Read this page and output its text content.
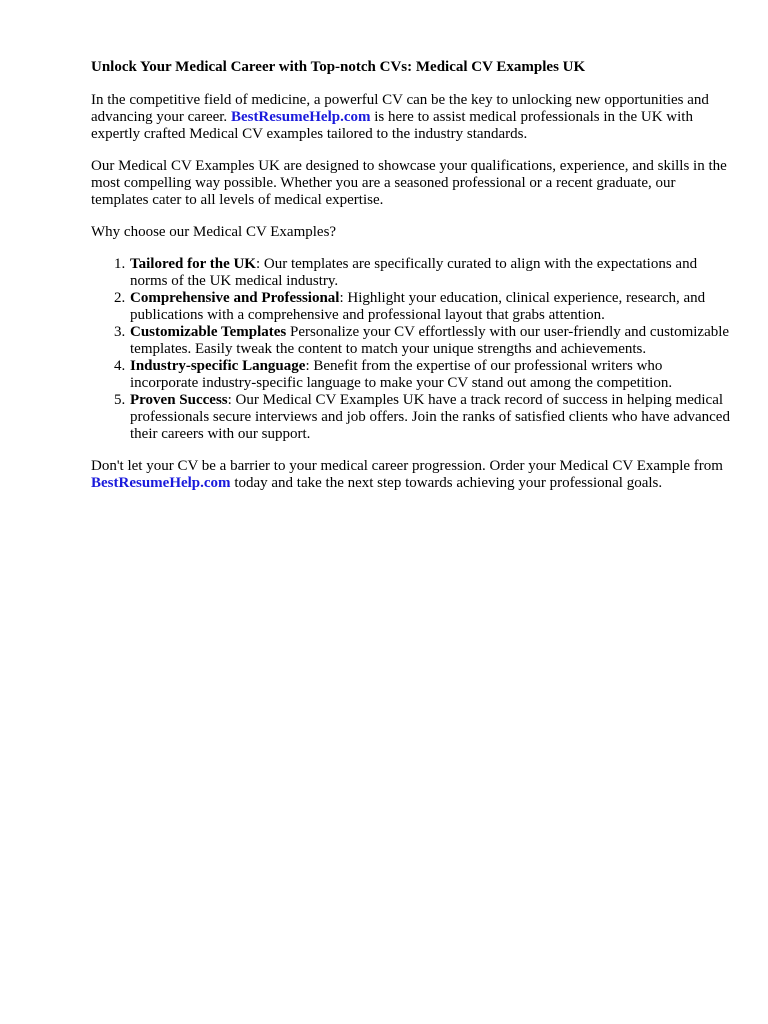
Unlock Your Medical Career with Top-notch CVs: Medical CV Examples UK

In the competitive field of medicine, a powerful CV can be the key to unlocking new opportunities and advancing your career. BestResumeHelp.com is here to assist medical professionals in the UK with expertly crafted Medical CV examples tailored to the industry standards.

Our Medical CV Examples UK are designed to showcase your qualifications, experience, and skills in the most compelling way possible. Whether you are a seasoned professional or a recent graduate, our templates cater to all levels of medical expertise.

Why choose our Medical CV Examples?

1. Tailored for the UK: Our templates are specifically curated to align with the expectations and norms of the UK medical industry.
2. Comprehensive and Professional: Highlight your education, clinical experience, research, and publications with a comprehensive and professional layout that grabs attention.
3. Customizable Templates Personalize your CV effortlessly with our user-friendly and customizable templates. Easily tweak the content to match your unique strengths and achievements.
4. Industry-specific Language: Benefit from the expertise of our professional writers who incorporate industry-specific language to make your CV stand out among the competition.
5. Proven Success: Our Medical CV Examples UK have a track record of success in helping medical professionals secure interviews and job offers. Join the ranks of satisfied clients who have advanced their careers with our support.

Don't let your CV be a barrier to your medical career progression. Order your Medical CV Example from BestResumeHelp.com today and take the next step towards achieving your professional goals.
